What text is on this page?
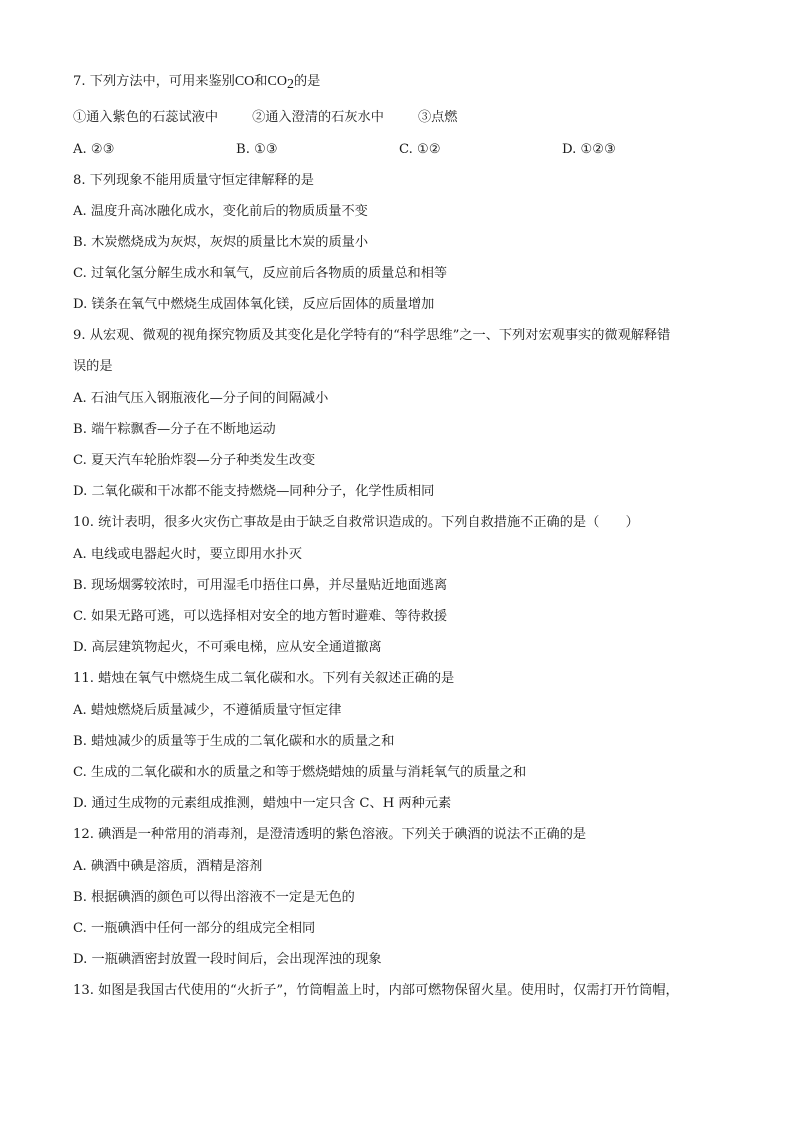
7. 下列方法中，可用来鉴别CO和CO2的是
①通入紫色的石蕊试液中	②通入澄清的石灰水中	③点燃
A. ②③	B. ①③	C. ①②	D. ①②③
8. 下列现象不能用质量守恒定律解释的是
A. 温度升高冰融化成水，变化前后的物质质量不变
B. 木炭燃烧成为灰烬，灰烬的质量比木炭的质量小
C. 过氧化氢分解生成水和氧气，反应前后各物质的质量总和相等
D. 镁条在氧气中燃烧生成固体氧化镁，反应后固体的质量增加
9. 从宏观、微观的视角探究物质及其变化是化学特有的“科学思维”之一、下列对宏观事实的微观解释错
误的是
A. 石油气压入钢瓶液化—分子间的间隔减小
B. 端午粽飘香—分子在不断地运动
C. 夏天汽车轮胎炸裂—分子种类发生改变
D. 二氧化碳和干冰都不能支持燃烧—同种分子，化学性质相同
10. 统计表明，很多火灾伤亡事故是由于缺乏自救常识造成的。下列自救措施不正确的是（　　）
A. 电线或电器起火时，要立即用水扑灭
B. 现场烟雾较浓时，可用湿毛巾捂住口鼻，并尽量贴近地面逃离
C. 如果无路可逃，可以选择相对安全的地方暂时避难、等待救援
D. 高层建筑物起火，不可乘电梯，应从安全通道撤离
11. 蜡烛在氧气中燃烧生成二氧化碳和水。下列有关叙述正确的是
A. 蜡烛燃烧后质量减少，不遵循质量守恒定律
B. 蜡烛减少的质量等于生成的二氧化碳和水的质量之和
C. 生成的二氧化碳和水的质量之和等于燃烧蜡烛的质量与消耗氧气的质量之和
D. 通过生成物的元素组成推测，蜡烛中一定只含 C、H 两种元素
12. 碘酒是一种常用的消毒剂，是澄清透明的紫色溶液。下列关于碘酒的说法不正确的是
A. 碘酒中碘是溶质，酒精是溶剂
B. 根据碘酒的颜色可以得出溶液不一定是无色的
C. 一瓶碘酒中任何一部分的组成完全相同
D. 一瓶碘酒密封放置一段时间后，会出现浑浊的现象
13. 如图是我国古代使用的“火折子”，竹筒帽盖上时，内部可燃物保留火星。使用时，仅需打开竹筒帽，
